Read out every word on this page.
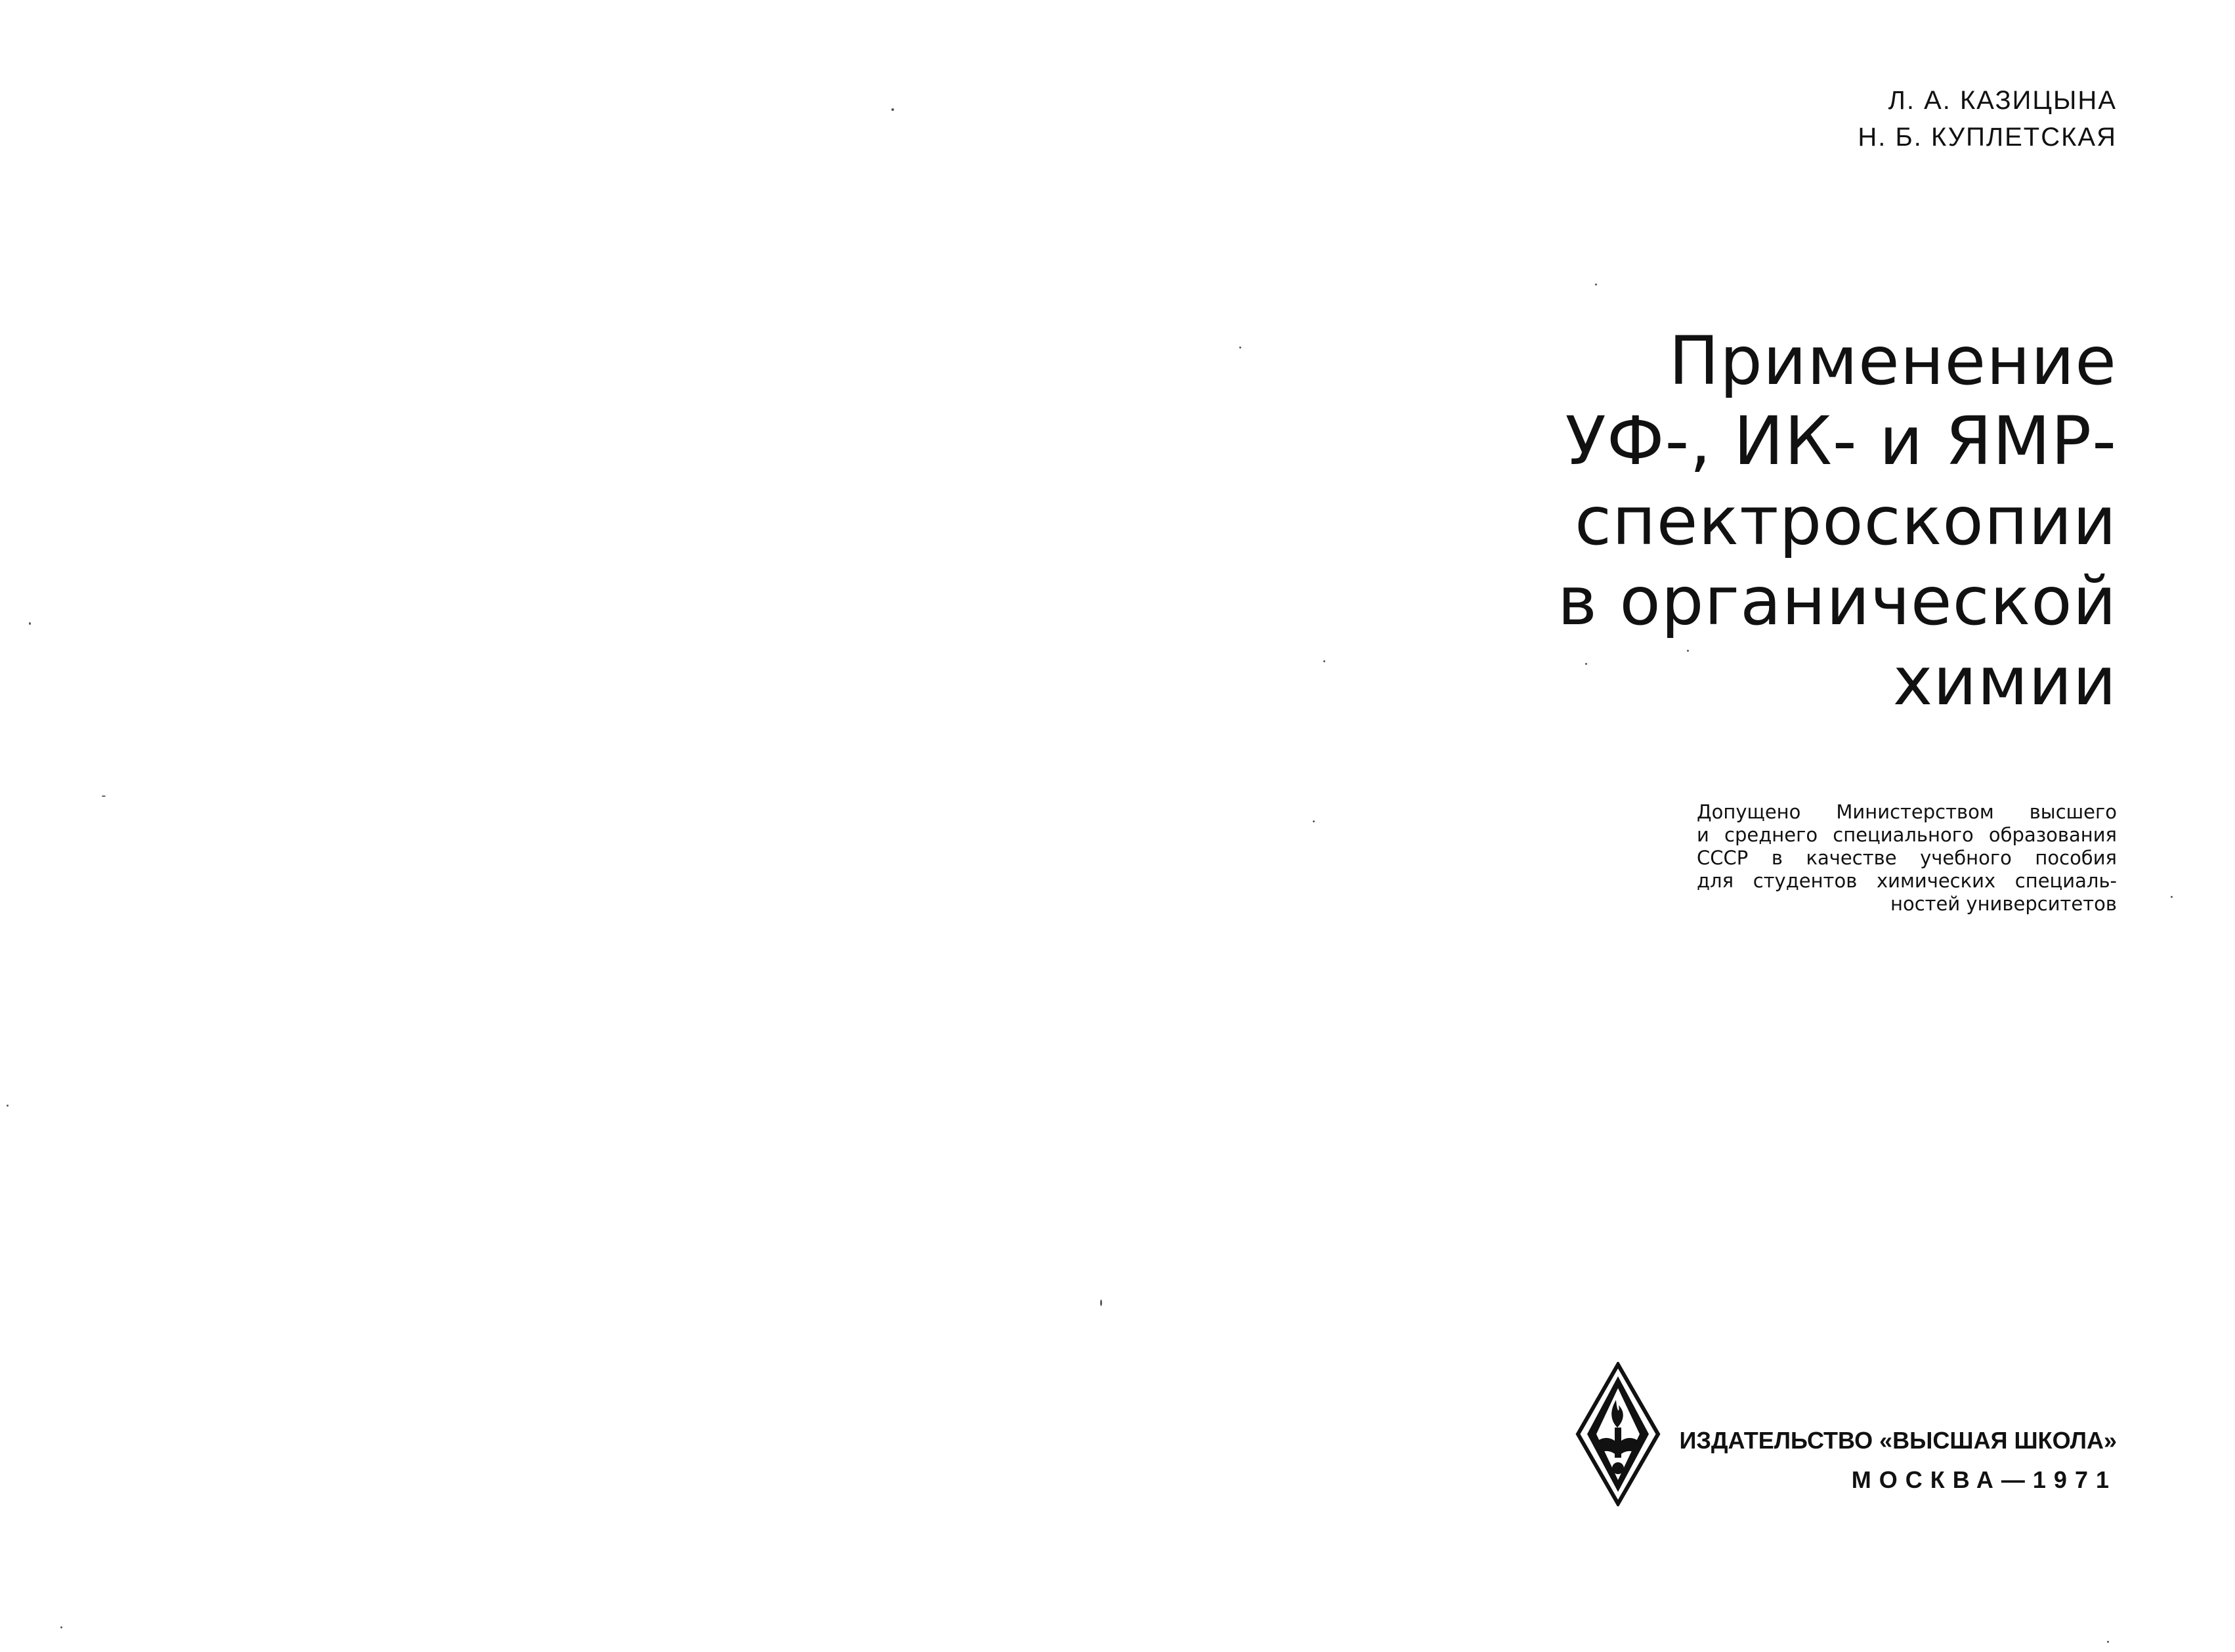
Л. А. КАЗИЦЫНА
Н. Б. КУПЛЕТСКАЯ
Применение
УФ-, ИК- и ЯМР-
спектроскопии
в органической
химии
Допущено Министерством высшего
и среднего специального образования
СССР в качестве учебного пособия
для студентов химических специаль-
ностей университетов
ИЗДАТЕЛЬСТВО «ВЫСШАЯ ШКОЛА»
МОСКВА—1971
